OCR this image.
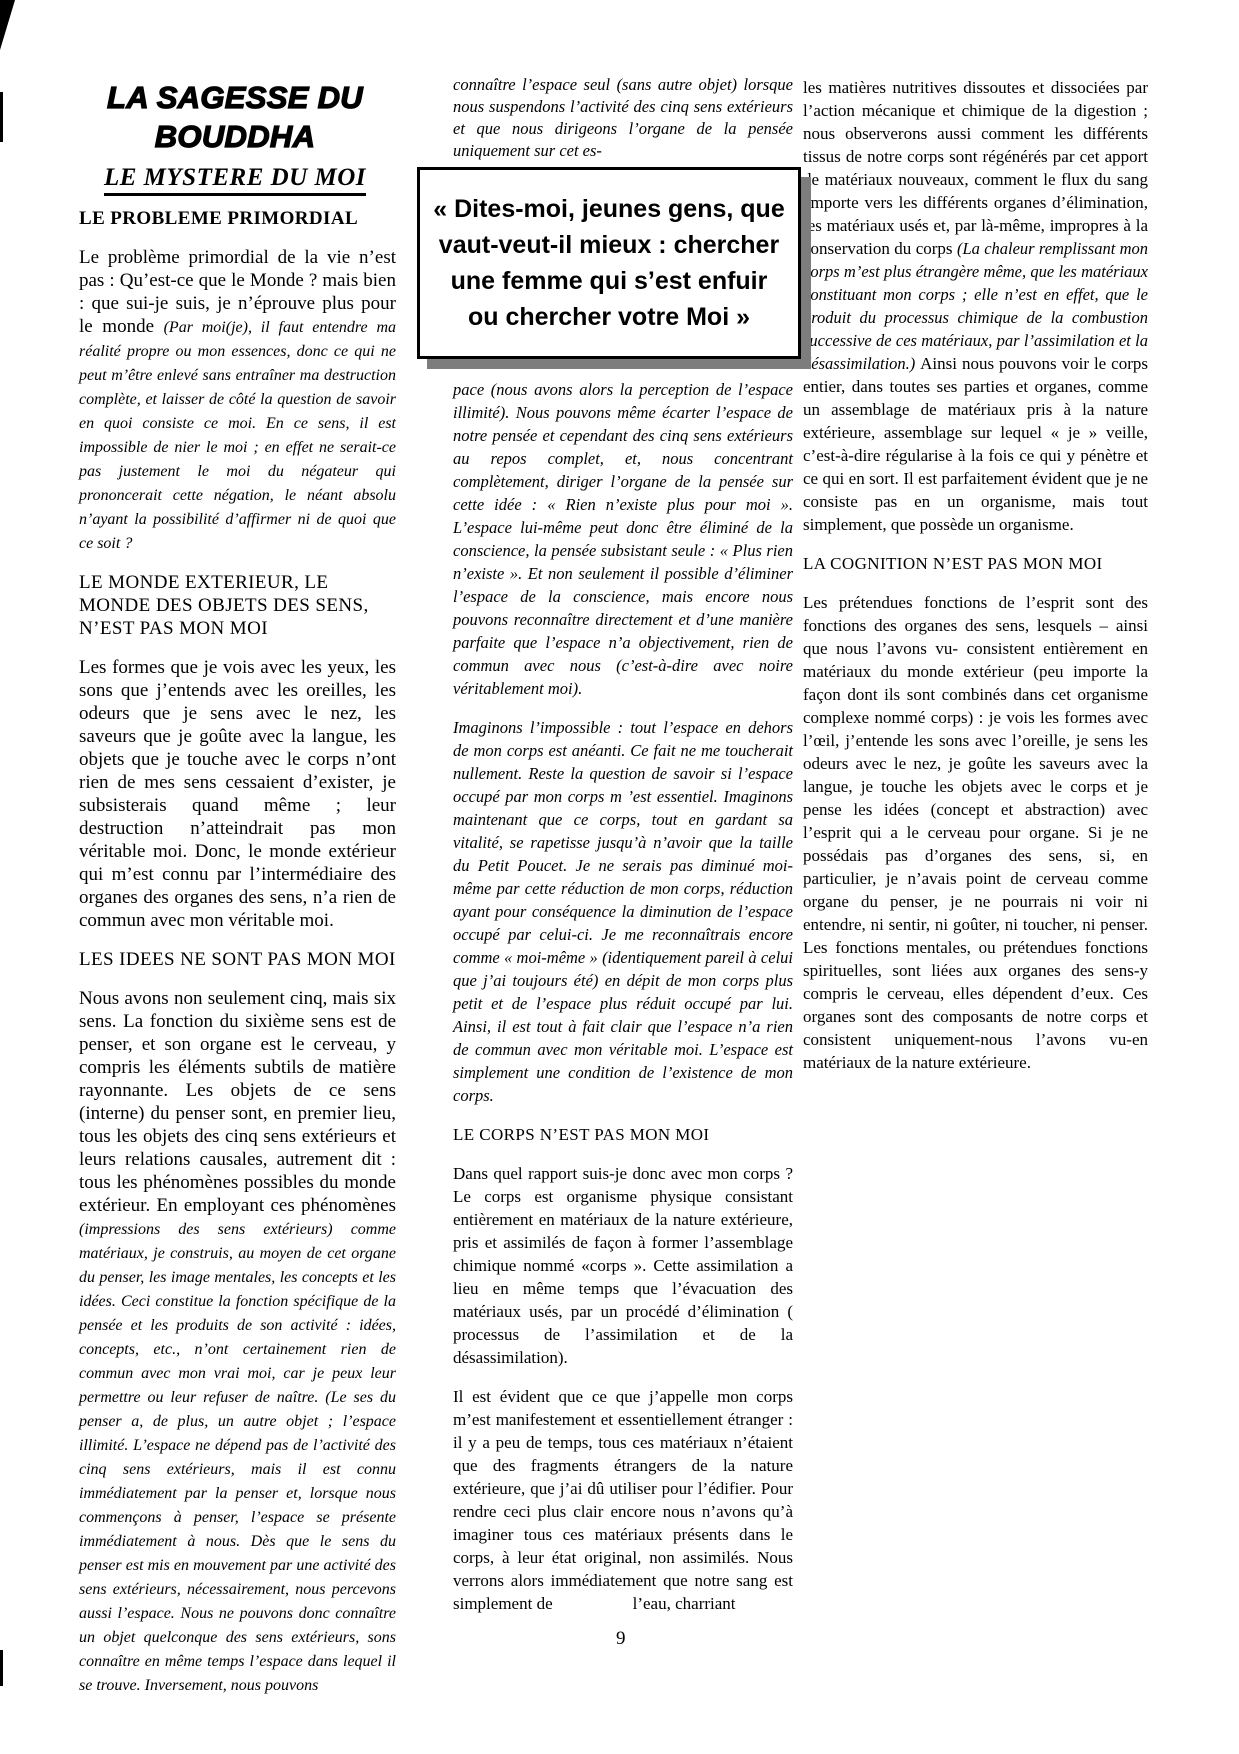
LA SAGESSE DU
BOUDDHA
LE MYSTERE DU MOI
LE PROBLEME PRIMORDIAL

Le problème primordial de la vie n’est pas : Qu’est-ce que le Monde ? mais bien : que sui-je suis, je n’éprouve plus pour le monde (Par moi(je), il faut entendre ma réalité propre ou mon essences, donc ce qui ne peut m’être enlevé sans entraîner ma destruction complète, et laisser de côté la question de savoir en quoi consiste ce moi. En ce sens, il est impossible de nier le moi ; en effet ne serait-ce pas justement le moi du négateur qui prononcerait cette négation, le néant absolu n’ayant la possibilité d’affirmer ni de quoi que ce soit ?

LE MONDE EXTERIEUR, LE MONDE DES OBJETS DES SENS, N’EST PAS MON MOI

Les formes que je vois avec les yeux, les sons que j’entends avec les oreilles, les odeurs que je sens avec le nez, les saveurs que je goûte avec la langue, les objets que je touche avec le corps n’ont rien de mes sens cessaient d’exister, je subsisterais quand même ; leur destruction n’atteindrait pas mon véritable moi. Donc, le monde extérieur qui m’est connu par l’intermédiaire des organes des organes des sens, n’a rien de commun avec mon véritable moi.

LES IDEES NE SONT PAS MON MOI

Nous avons non seulement cinq, mais six sens. La fonction du sixième sens est de penser, et son organe est le cerveau, y compris les éléments subtils de matière rayonnante. Les objets de ce sens (interne) du penser sont, en premier lieu, tous les objets des cinq sens extérieurs et leurs relations causales, autrement dit : tous les phénomènes possibles du monde extérieur. En employant ces phénomènes (impressions des sens extérieurs) comme matériaux, je construis, au moyen de cet organe du penser, les image mentales, les concepts et les idées. Ceci constitue la fonction spécifique de la pensée et les produits de son activité : idées, concepts, etc., n’ont certainement rien de commun avec mon vrai moi, car je peux leur permettre ou leur refuser de naître. (Le ses du penser a, de plus, un autre objet ; l’espace illimité. L’espace ne dépend pas de l’activité des cinq sens extérieurs, mais il est connu immédiatement par la penser et, lorsque nous commençons à penser, l’espace se présente immédiatement à nous. Dès que le sens du penser est mis en mouvement par une activité des sens extérieurs, nécessairement, nous percevons aussi l’espace. Nous ne pouvons donc connaître un objet quelconque des sens extérieurs, sons connaître en même temps l’espace dans lequel il se trouve. Inversement, nous pouvons

connaître l’espace seul (sans autre objet) lorsque nous suspendons l’activité des cinq sens extérieurs et que nous dirigeons l’organe de la pensée uniquement sur cet es-

« Dites-moi, jeunes gens, que
vaut-veut-il mieux : chercher
une femme qui s’est enfuir
ou chercher votre Moi »

pace (nous avons alors la perception de l’espace illimité). Nous pouvons même écarter l’espace de notre pensée et cependant des cinq sens extérieurs au repos complet, et, nous concentrant complètement, diriger l’organe de la pensée sur cette idée : « Rien n’existe plus pour moi ». L’espace lui-même peut donc être éliminé de la conscience, la pensée subsistant seule : « Plus rien n’existe ». Et non seulement il possible d’éliminer l’espace de la conscience, mais encore nous pouvons reconnaître directement et d’une manière parfaite que l’espace n’a objectivement, rien de commun avec nous (c’est-à-dire avec noire véritablement moi).

Imaginons l’impossible : tout l’espace en dehors de mon corps est anéanti. Ce fait ne me toucherait nullement. Reste la question de savoir si l’espace occupé par mon corps m ’est essentiel. Imaginons maintenant que ce corps, tout en gardant sa vitalité, se rapetisse jusqu’à n’avoir que la taille du Petit Poucet. Je ne serais pas diminué moi-même par cette réduction de mon corps, réduction ayant pour conséquence la diminution de l’espace occupé par celui-ci. Je me reconnaîtrais encore comme « moi-même » (identiquement pareil à celui que j’ai toujours été) en dépit de mon corps plus petit et de l’espace plus réduit occupé par lui. Ainsi, il est tout à fait clair que l’espace n’a rien de commun avec mon véritable moi. L’espace est simplement une condition de l’existence de mon corps.

LE CORPS N’EST PAS MON MOI

Dans quel rapport suis-je donc avec mon corps ? Le corps est organisme physique consistant entièrement en matériaux de la nature extérieure, pris et assimilés de façon à former l’assemblage chimique nommé «corps ». Cette assimilation a lieu en même temps que l’évacuation des matériaux usés, par un procédé d’élimination ( processus de l’assimilation et de la désassimilation).

Il est évident que ce que j’appelle mon corps m’est manifestement et essentiellement étranger : il y a peu de temps, tous ces matériaux n’étaient que des fragments étrangers de la nature extérieure, que j’ai dû utiliser pour l’édifier. Pour rendre ceci plus clair encore nous n’avons qu’à imaginer tous ces matériaux présents dans le corps, à leur état original, non assimilés. Nous verrons alors immédiatement que notre sang est simplement de	l’eau, charriant

les matières nutritives dissoutes et dissociées par l’action mécanique et chimique de la digestion ; nous observerons aussi comment les différents tissus de notre corps sont régénérés par cet apport de matériaux nouveaux, comment le flux du sang emporte vers les différents organes d’élimination, les matériaux usés et, par là-même, impropres à la conservation du corps (La chaleur remplissant mon corps m’est plus étrangère même, que les matériaux constituant mon corps ; elle n’est en effet, que le produit du processus chimique de la combustion successive de ces matériaux, par l’assimilation et la désassimilation.) Ainsi nous pouvons voir le corps entier, dans toutes ses parties et organes, comme un assemblage de matériaux pris à la nature extérieure, assemblage sur lequel « je » veille, c’est-à-dire régularise à la fois ce qui y pénètre et ce qui en sort. Il est parfaitement évident que je ne consiste pas en un organisme, mais tout simplement, que possède un organisme.

LA COGNITION N’EST PAS MON MOI

Les prétendues fonctions de l’esprit sont des fonctions des organes des sens, lesquels – ainsi que nous l’avons vu- consistent entièrement en matériaux du monde extérieur (peu importe la façon dont ils sont combinés dans cet organisme complexe nommé corps) : je vois les formes avec l’œil, j’entende les sons avec l’oreille, je sens les odeurs avec le nez, je goûte les saveurs avec la langue, je touche les objets avec le corps et je pense les idées (concept et abstraction) avec l’esprit qui a le cerveau pour organe. Si je ne possédais pas d’organes des sens, si, en particulier, je n’avais point de cerveau comme organe du penser, je ne pourrais ni voir ni entendre, ni sentir, ni goûter, ni toucher, ni penser. Les fonctions mentales, ou prétendues fonctions spirituelles, sont liées aux organes des sens-y compris le cerveau, elles dépendent d’eux. Ces organes sont des composants de notre corps et consistent uniquement-nous l’avons vu-en matériaux de la nature extérieure.

9
